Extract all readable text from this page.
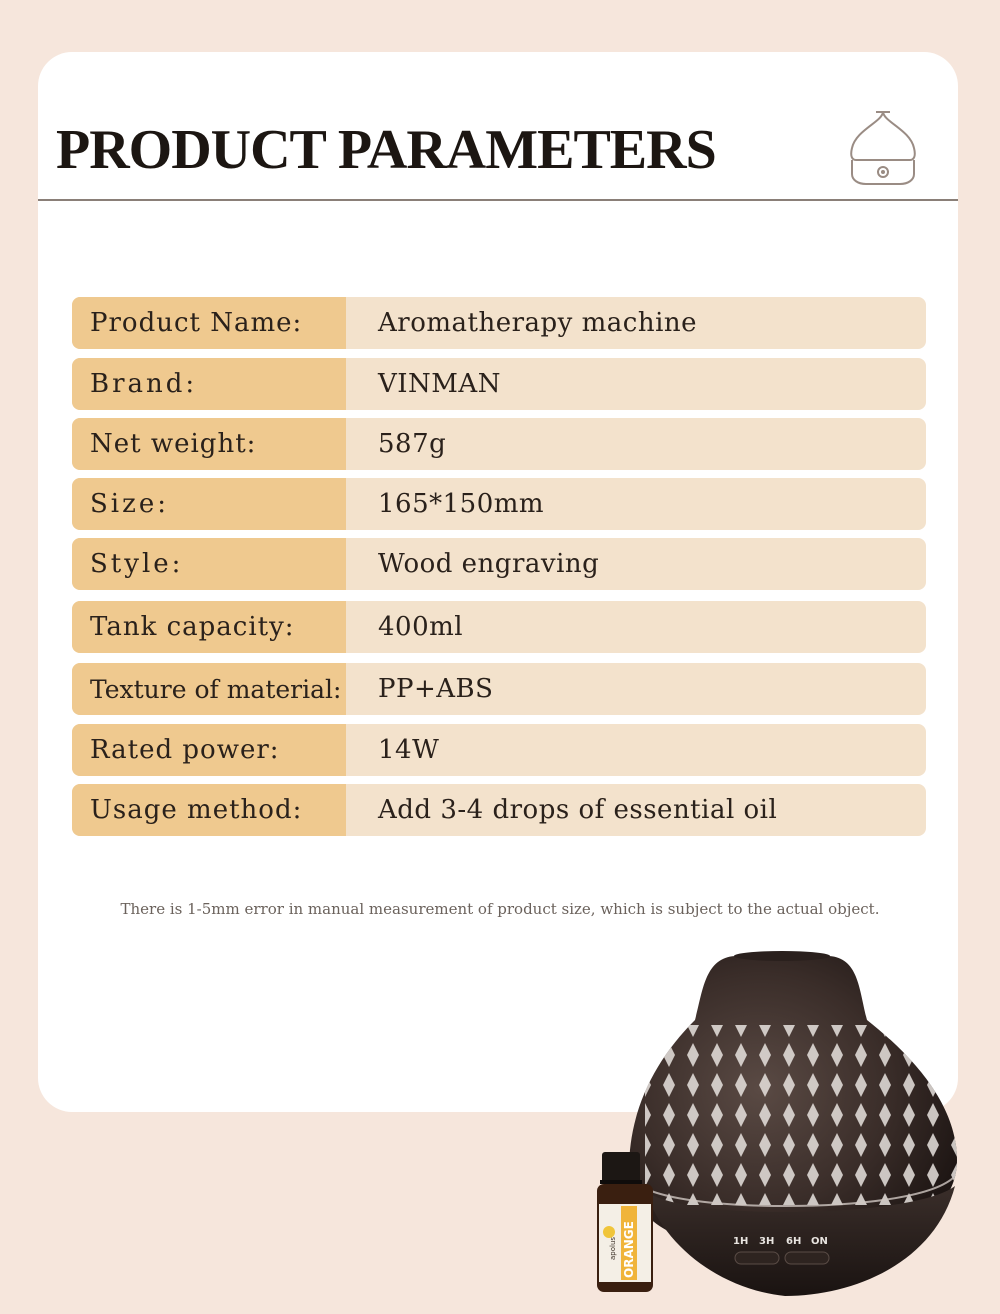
PRODUCT PARAMETERS
Product Name:	Aromatherapy machine
Brand:	VINMAN
Net weight:	587g
Size:	165*150mm
Style:	Wood engraving
Tank capacity:	400ml
Texture of material:	PP+ABS
Rated power:	14W
Usage method:	Add 3-4 drops of essential oil
There is 1-5mm error in manual measurement of product size, which is subject to the actual object.
1H 3H 6H ON
ORANGE
apolus
